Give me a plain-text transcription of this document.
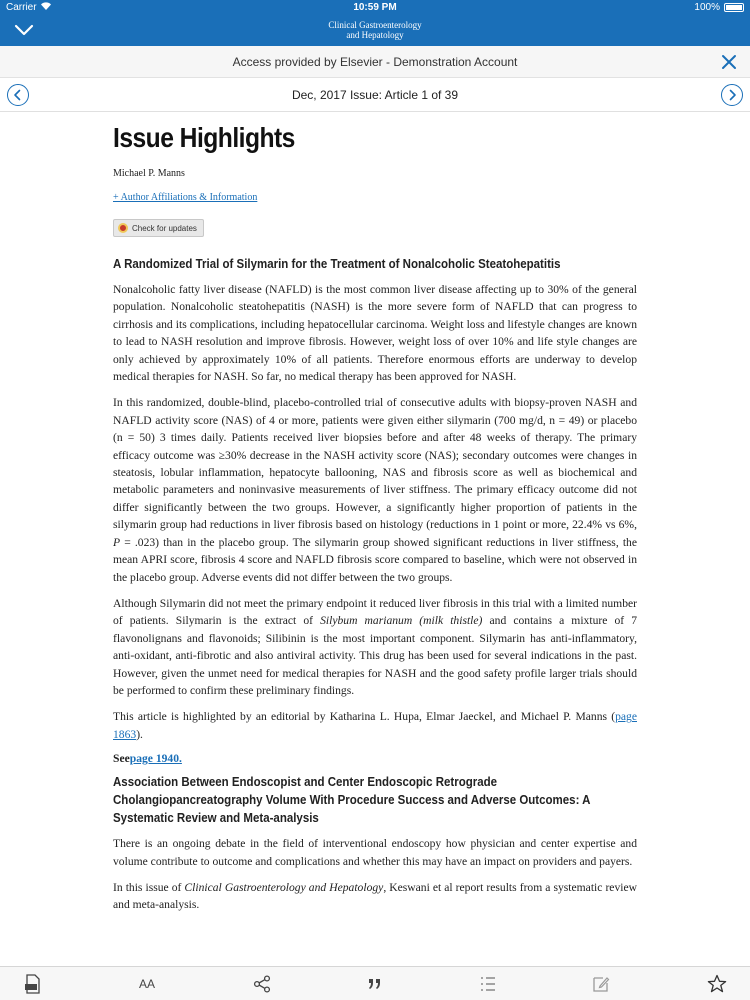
Carrier	10:59 PM	100%
Clinical Gastroenterology
and Hepatology
Access provided by Elsevier - Demonstration Account
Dec, 2017 Issue: Article 1 of 39
Issue Highlights
Michael P. Manns
+ Author Affiliations & Information
Check for updates
A Randomized Trial of Silymarin for the Treatment of Nonalcoholic Steatohepatitis

Nonalcoholic fatty liver disease (NAFLD) is the most common liver disease affecting up to 30% of the general population. Nonalcoholic steatohepatitis (NASH) is the more severe form of NAFLD that can progress to cirrhosis and its complications, including hepatocellular carcinoma. Weight loss and lifestyle changes are known to lead to NASH resolution and improve fibrosis. However, weight loss of over 10% and life style changes are only achieved by approximately 10% of all patients. Therefore enormous efforts are underway to develop medical therapies for NASH. So far, no medical therapy has been approved for NASH.

In this randomized, double-blind, placebo-controlled trial of consecutive adults with biopsy-proven NASH and NAFLD activity score (NAS) of 4 or more, patients were given either silymarin (700 mg/d, n = 49) or placebo (n = 50) 3 times daily. Patients received liver biopsies before and after 48 weeks of therapy. The primary efficacy outcome was ≥30% decrease in the NASH activity score (NAS); secondary outcomes were changes in steatosis, lobular inflammation, hepatocyte ballooning, NAS and fibrosis score as well as biochemical and metabolic parameters and noninvasive measurements of liver stiffness. The primary efficacy outcome did not differ significantly between the two groups. However, a significantly higher proportion of patients in the silymarin group had reductions in liver fibrosis based on histology (reductions in 1 point or more, 22.4% vs 6%, P = .023) than in the placebo group. The silymarin group showed significant reductions in liver stiffness, the mean APRI score, fibrosis 4 score and NAFLD fibrosis score compared to baseline, which were not observed in the placebo group. Adverse events did not differ between the two groups.

Although Silymarin did not meet the primary endpoint it reduced liver fibrosis in this trial with a limited number of patients. Silymarin is the extract of Silybum marianum (milk thistle) and contains a mixture of 7 flavonolignans and flavonoids; Silibinin is the most important component. Silymarin has anti-inflammatory, anti-oxidant, anti-fibrotic and also antiviral activity. This drug has been used for several indications in the past. However, given the unmet need for medical therapies for NASH and the good safety profile larger trials should be performed to confirm these preliminary findings.

This article is highlighted by an editorial by Katharina L. Hupa, Elmar Jaeckel, and Michael P. Manns (page 1863).

Seepage 1940.
Association Between Endoscopist and Center Endoscopic Retrograde Cholangiopancreatography Volume With Procedure Success and Adverse Outcomes: A Systematic Review and Meta-analysis

There is an ongoing debate in the field of interventional endoscopy how physician and center expertise and volume contribute to outcome and complications and whether this may have an impact on providers and payers.

In this issue of Clinical Gastroenterology and Hepatology, Keswani et al report results from a systematic review and meta-analysis.

AA
